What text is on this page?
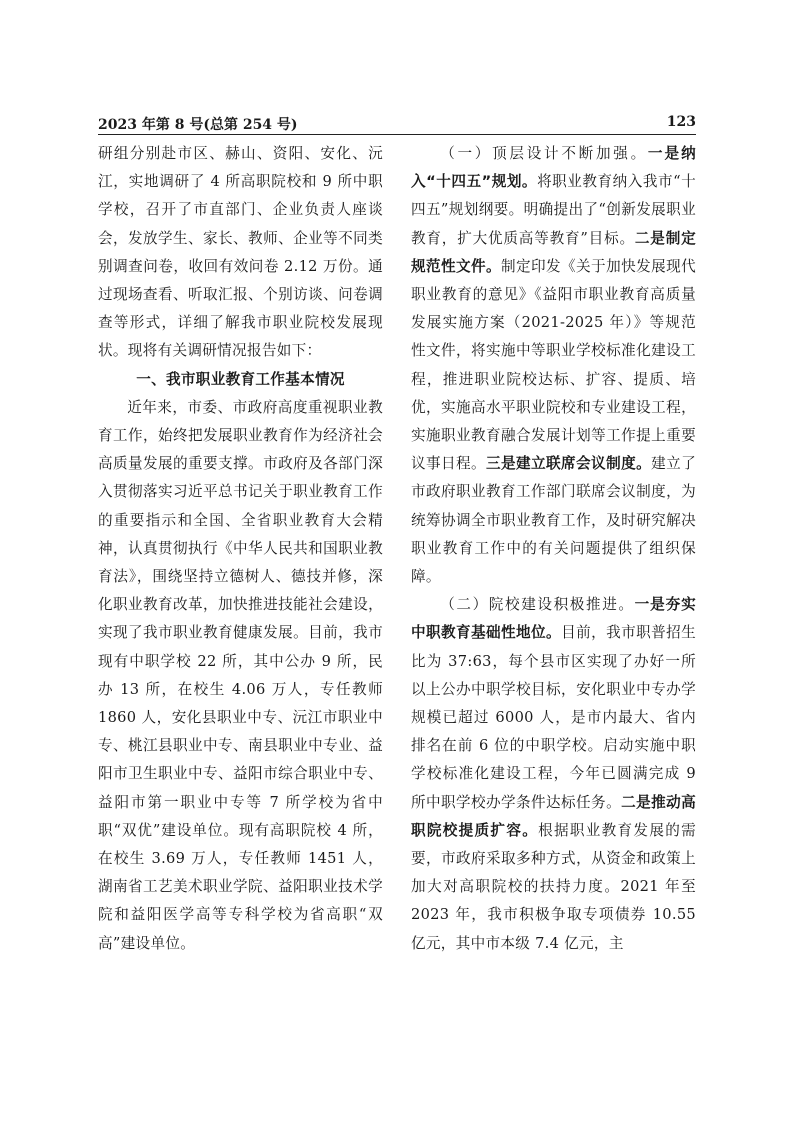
2023 年第 8 号(总第 254 号)	123

研组分别赴市区、赫山、资阳、安化、沅江，实地调研了 4 所高职院校和 9 所中职学校，召开了市直部门、企业负责人座谈会，发放学生、家长、教师、企业等不同类别调查问卷，收回有效问卷 2.12 万份。通过现场查看、听取汇报、个别访谈、问卷调查等形式，详细了解我市职业院校发展现状。现将有关调研情况报告如下：

一、我市职业教育工作基本情况

近年来，市委、市政府高度重视职业教育工作，始终把发展职业教育作为经济社会高质量发展的重要支撑。市政府及各部门深入贯彻落实习近平总书记关于职业教育工作的重要指示和全国、全省职业教育大会精神，认真贯彻执行《中华人民共和国职业教育法》，围绕坚持立德树人、德技并修，深化职业教育改革，加快推进技能社会建设，实现了我市职业教育健康发展。目前，我市现有中职学校 22 所，其中公办 9 所，民办 13 所，在校生 4.06 万人，专任教师 1860 人，安化县职业中专、沅江市职业中专、桃江县职业中专、南县职业中专业、益阳市卫生职业中专、益阳市综合职业中专、益阳市第一职业中专等 7 所学校为省中职“双优”建设单位。现有高职院校 4 所，在校生 3.69 万人，专任教师 1451 人，湖南省工艺美术职业学院、益阳职业技术学院和益阳医学高等专科学校为省高职“双高”建设单位。

（一）顶层设计不断加强。一是纳入“十四五”规划。将职业教育纳入我市“十四五”规划纲要。明确提出了“创新发展职业教育，扩大优质高等教育”目标。二是制定规范性文件。制定印发《关于加快发展现代职业教育的意见》《益阳市职业教育高质量发展实施方案（2021-2025 年）》等规范性文件，将实施中等职业学校标准化建设工程，推进职业院校达标、扩容、提质、培优，实施高水平职业院校和专业建设工程，实施职业教育融合发展计划等工作提上重要议事日程。三是建立联席会议制度。建立了市政府职业教育工作部门联席会议制度，为统筹协调全市职业教育工作，及时研究解决职业教育工作中的有关问题提供了组织保障。

（二）院校建设积极推进。一是夯实中职教育基础性地位。目前，我市职普招生比为 37:63，每个县市区实现了办好一所以上公办中职学校目标，安化职业中专办学规模已超过 6000 人，是市内最大、省内排名在前 6 位的中职学校。启动实施中职学校标准化建设工程，今年已圆满完成 9 所中职学校办学条件达标任务。二是推动高职院校提质扩容。根据职业教育发展的需要，市政府采取多种方式，从资金和政策上加大对高职院校的扶持力度。2021 年至 2023 年，我市积极争取专项债券 10.55 亿元，其中市本级 7.4 亿元，主
